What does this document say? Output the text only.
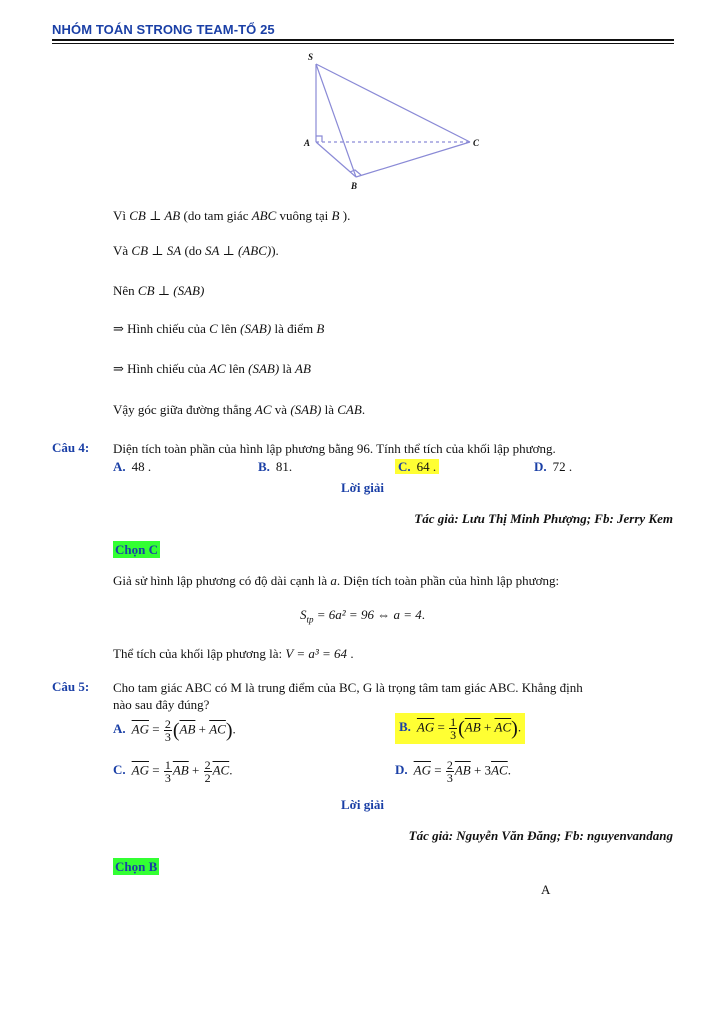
NHÓM TOÁN STRONG TEAM-TỔ 25
S
A
B
C
Vì CB ⊥ AB (do tam giác ABC vuông tại B ).
Và CB ⊥ SA (do SA ⊥ (ABC)).
Nên CB ⊥ (SAB)
⇒ Hình chiếu của C lên (SAB) là điểm B
⇒ Hình chiếu của AC lên (SAB) là AB
Vậy góc giữa đường thẳng AC và (SAB) là CAB.
Câu 4: Diện tích toàn phần của hình lập phương bằng 96. Tính thể tích của khối lập phương.
A. 48 .	B. 81.	C. 64 .	D. 72 .
Lời giải
Tác giả: Lưu Thị Minh Phượng; Fb: Jerry Kem
Chọn C
Giả sử hình lập phương có độ dài cạnh là a. Diện tích toàn phần của hình lập phương:
$S_{tp} = 6a^2 = 96$ ⇔ a = 4.
Thể tích của khối lập phương là: V = a³ = 64 .
Câu 5: Cho tam giác ABC có M là trung điểm của BC, G là trọng tâm tam giác ABC. Khẳng định
nào sau đây đúng?
A. $\overline{AG} = \frac{2}{3} (\overline{AB} + \overline{AC})$.	B. $\overline{AG} = \frac{1}{3} (\overline{AB} + \overline{AC})$.
C. $\overline{AG} = \frac{1}{3} \overline{AB} + \frac{2}{2} \overline{AC}$.	D. $\overline{AG} = \frac{2}{3} \overline{AB} + 3\overline{AC}$.
Lời giải
Tác giả: Nguyễn Văn Đăng; Fb: nguyenvandang
Chọn B
A
